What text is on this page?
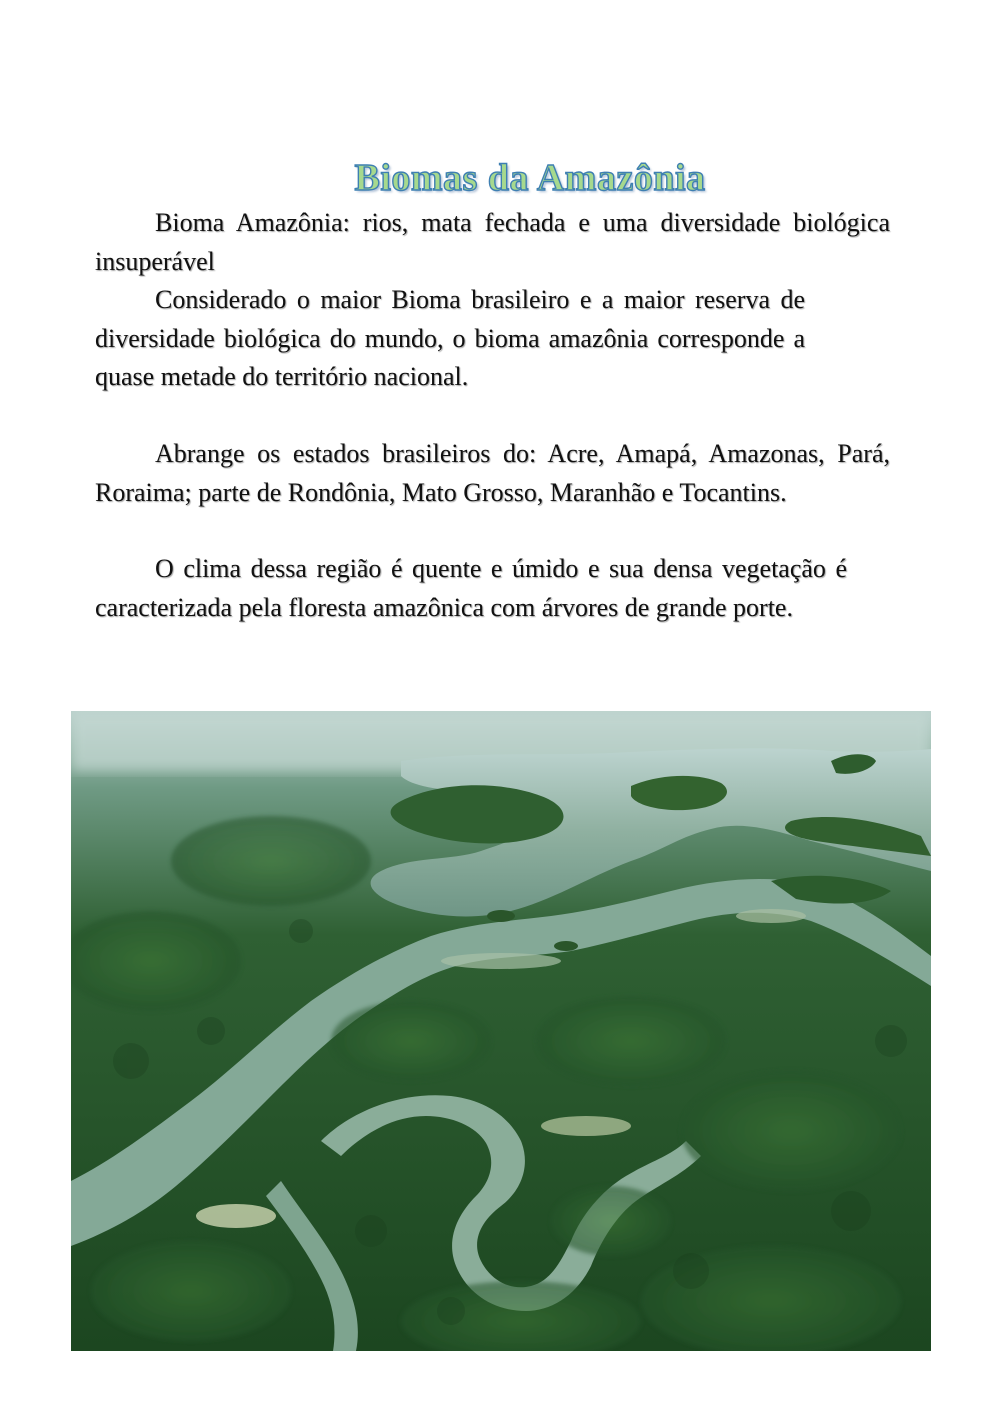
Biomas da Amazônia

Bioma Amazônia: rios, mata fechada e uma diversidade biológica insuperável

Considerado o maior Bioma brasileiro e a maior reserva de diversidade biológica do mundo, o bioma amazônia corresponde a quase metade do território nacional.

Abrange os estados brasileiros do: Acre, Amapá, Amazonas, Pará, Roraima; parte de Rondônia, Mato Grosso, Maranhão e Tocantins.

O clima dessa região é quente e úmido e sua densa vegetação é caracterizada pela floresta amazônica com árvores de grande porte.
